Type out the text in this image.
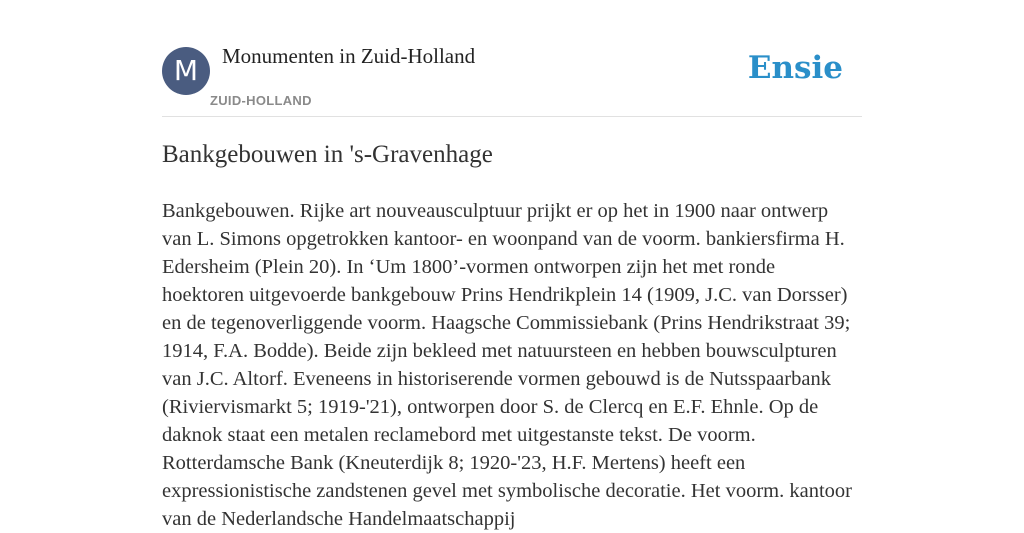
M	Monumenten in Zuid-Holland
ZUID-HOLLAND
Ensie
Bankgebouwen in 's-Gravenhage

Bankgebouwen. Rijke art nouveausculptuur prijkt er op het in 1900 naar ontwerp van L. Simons opgetrokken kantoor- en woonpand van de voorm. bankiersfirma H. Edersheim (Plein 20). In ‘Um 1800’-vormen ontworpen zijn het met ronde hoektoren uitgevoerde bankgebouw Prins Hendrikplein 14 (1909, J.C. van Dorsser) en de tegenoverliggende voorm. Haagsche Commissiebank (Prins Hendrikstraat 39; 1914, F.A. Bodde). Beide zijn bekleed met natuursteen en hebben bouwsculpturen van J.C. Altorf. Eveneens in historiserende vormen gebouwd is de Nutsspaarbank (Riviervismarkt 5; 1919-'21), ontworpen door S. de Clercq en E.F. Ehnle. Op de daknok staat een metalen reclamebord met uitgestanste tekst. De voorm. Rotterdamsche Bank (Kneuterdijk 8; 1920-'23, H.F. Mertens) heeft een expressionistische zandstenen gevel met symbolische decoratie. Het voorm. kantoor van de Nederlandsche Handelmaatschappij
